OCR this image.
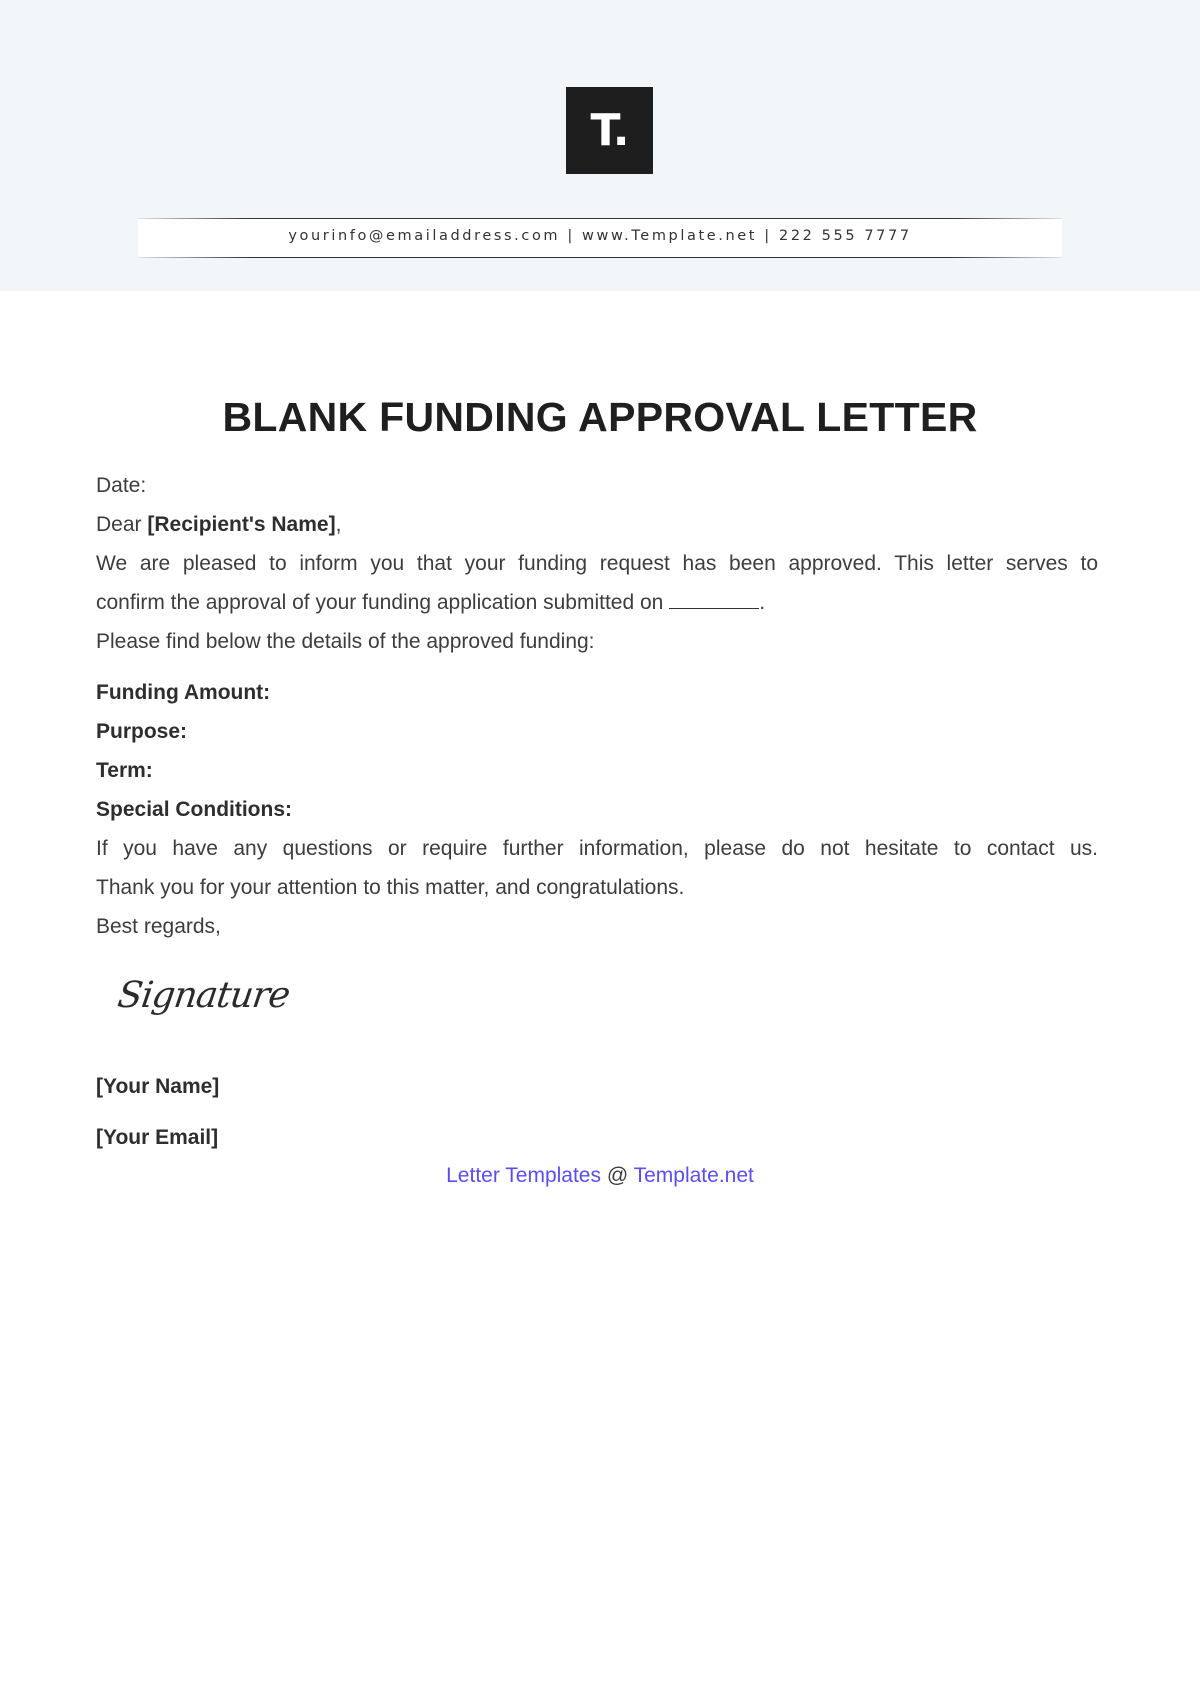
T.
yourinfo@emailaddress.com | www.Template.net | 222 555 7777
BLANK FUNDING APPROVAL LETTER
Date:
Dear [Recipient's Name],
We are pleased to inform you that your funding request has been approved. This letter serves to
confirm the approval of your funding application submitted on	.
Please find below the details of the approved funding:
Funding Amount:
Purpose:
Term:
Special Conditions:
If you have any questions or require further information, please do not hesitate to contact us.
Thank you for your attention to this matter, and congratulations.
Best regards,
Signature
[Your Name]
[Your Email]
Letter Templates @ Template.net
